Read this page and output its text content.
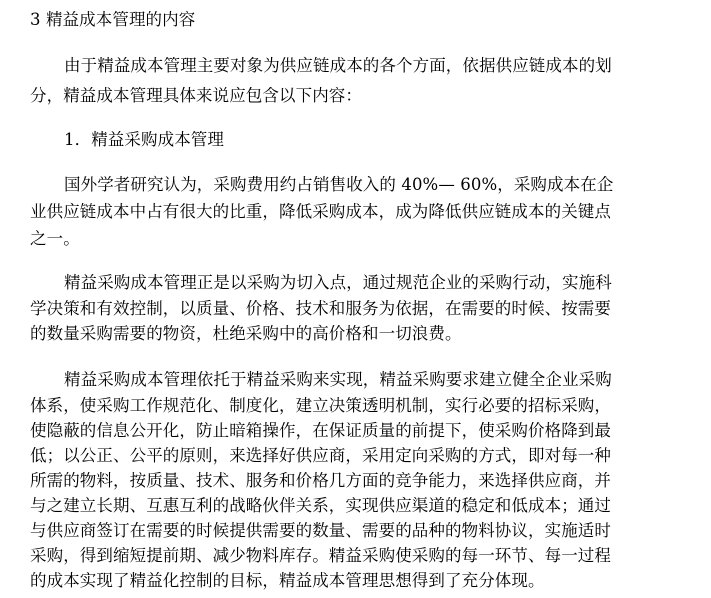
3 精益成本管理的内容
由于精益成本管理主要对象为供应链成本的各个方面，依据供应链成本的划
分，精益成本管理具体来说应包含以下内容：
1．精益采购成本管理
国外学者研究认为，采购费用约占销售收入的 40%— 60%，采购成本在企
业供应链成本中占有很大的比重，降低采购成本，成为降低供应链成本的关键点
之一。
精益采购成本管理正是以采购为切入点，通过规范企业的采购行动，实施科
学决策和有效控制，以质量、价格、技术和服务为依据，在需要的时候、按需要
的数量采购需要的物资，杜绝采购中的高价格和一切浪费。
精益采购成本管理依托于精益采购来实现，精益采购要求建立健全企业采购
体系，使采购工作规范化、制度化，建立决策透明机制，实行必要的招标采购，
使隐蔽的信息公开化，防止暗箱操作，在保证质量的前提下，使采购价格降到最
低；以公正、公平的原则，来选择好供应商，采用定向采购的方式，即对每一种
所需的物料，按质量、技术、服务和价格几方面的竞争能力，来选择供应商，并
与之建立长期、互惠互利的战略伙伴关系，实现供应渠道的稳定和低成本；通过
与供应商签订在需要的时候提供需要的数量、需要的品种的物料协议，实施适时
采购，得到缩短提前期、减少物料库存。精益采购使采购的每一环节、每一过程
的成本实现了精益化控制的目标，精益成本管理思想得到了充分体现。
